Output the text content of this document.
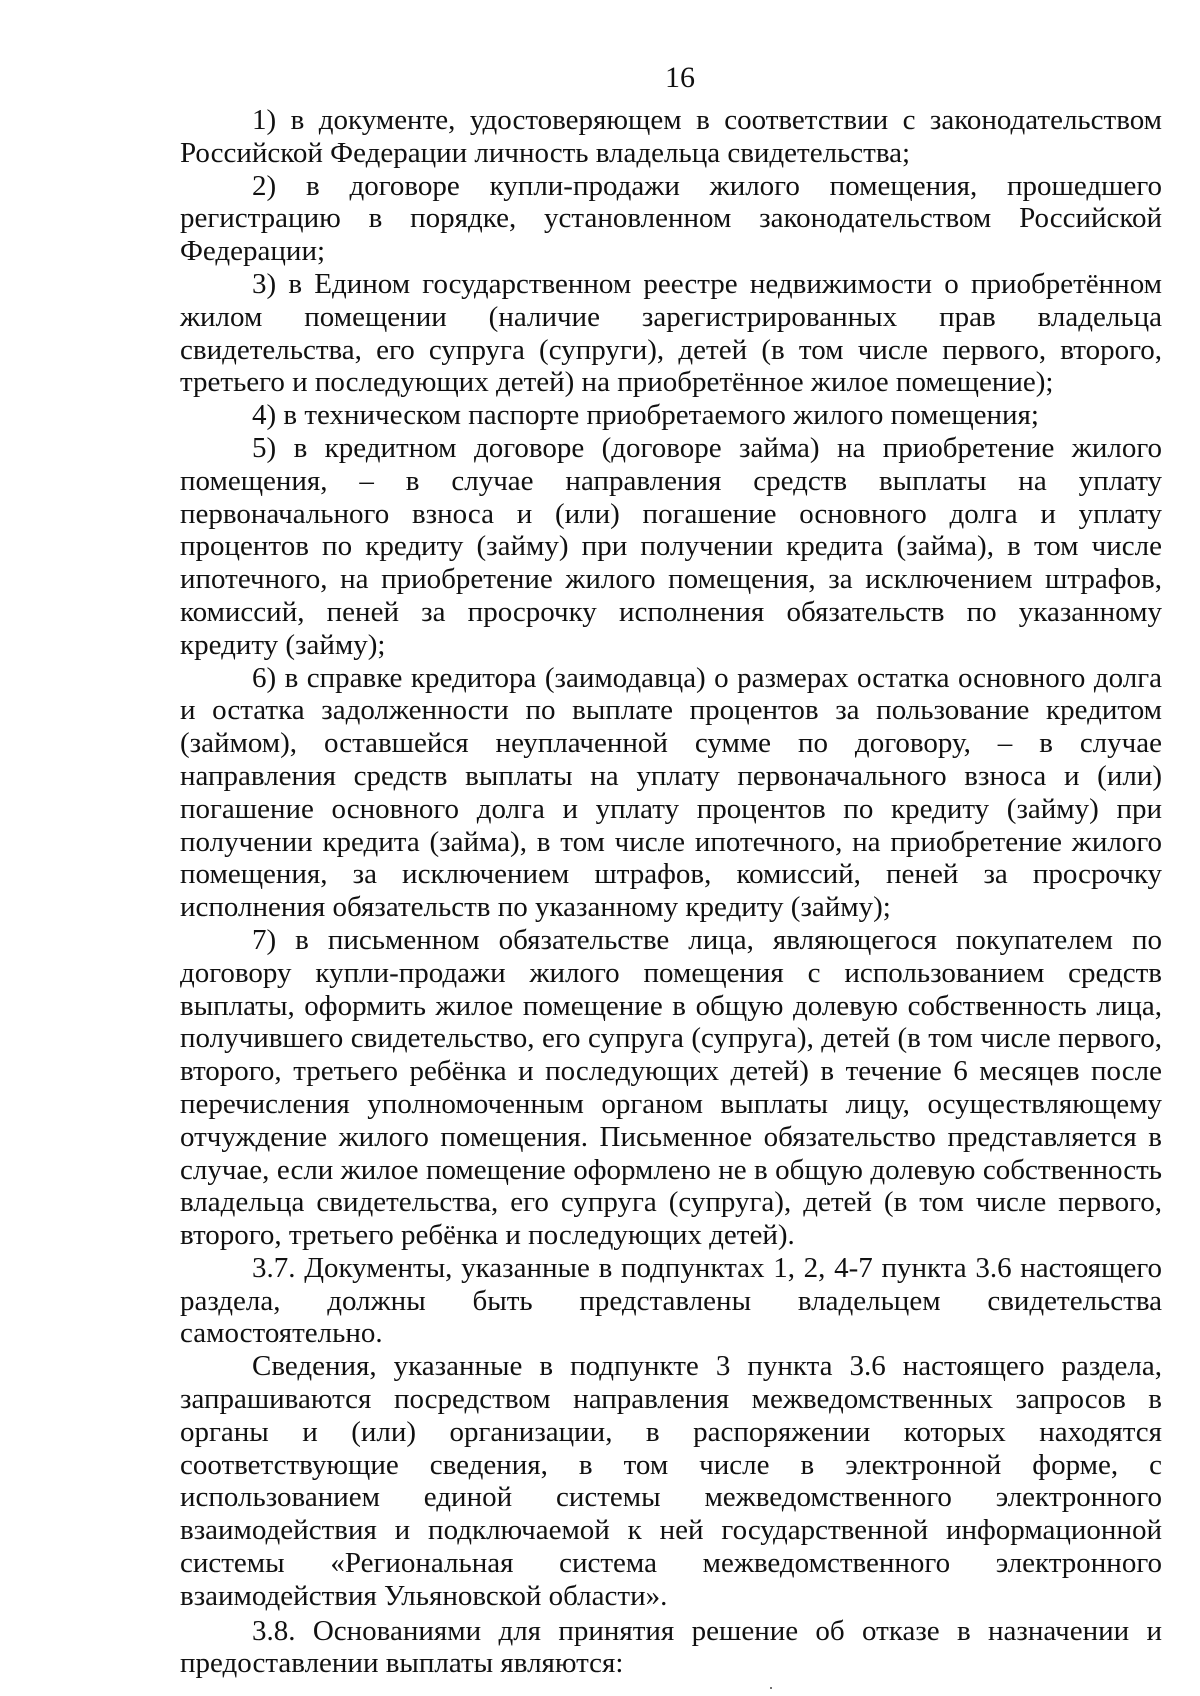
16

1) в документе, удостоверяющем в соответствии с законодательством Российской Федерации личность владельца свидетельства;

2) в договоре купли-продажи жилого помещения, прошедшего регистрацию в порядке, установленном законодательством Российской Федерации;

3) в Едином государственном реестре недвижимости о приобретённом жилом помещении (наличие зарегистрированных прав владельца свидетельства, его супруга (супруги), детей (в том числе первого, второго, третьего и последующих детей) на приобретённое жилое помещение);

4) в техническом паспорте приобретаемого жилого помещения;

5) в кредитном договоре (договоре займа) на приобретение жилого помещения, – в случае направления средств выплаты на уплату первоначального взноса и (или) погашение основного долга и уплату процентов по кредиту (займу) при получении кредита (займа), в том числе ипотечного, на приобретение жилого помещения, за исключением штрафов, комиссий, пеней за просрочку исполнения обязательств по указанному кредиту (займу);

6) в справке кредитора (заимодавца) о размерах остатка основного долга и остатка задолженности по выплате процентов за пользование кредитом (займом), оставшейся неуплаченной сумме по договору, – в случае направления средств выплаты на уплату первоначального взноса и (или) погашение основного долга и уплату процентов по кредиту (займу) при получении кредита (займа), в том числе ипотечного, на приобретение жилого помещения, за исключением штрафов, комиссий, пеней за просрочку исполнения обязательств по указанному кредиту (займу);

7) в письменном обязательстве лица, являющегося покупателем по договору купли-продажи жилого помещения с использованием средств выплаты, оформить жилое помещение в общую долевую собственность лица, получившего свидетельство, его супруга (супруга), детей (в том числе первого, второго, третьего ребёнка и последующих детей) в течение 6 месяцев после перечисления уполномоченным органом выплаты лицу, осуществляющему отчуждение жилого помещения. Письменное обязательство представляется в случае, если жилое помещение оформлено не в общую долевую собственность владельца свидетельства, его супруга (супруга), детей (в том числе первого, второго, третьего ребёнка и последующих детей).

3.7. Документы, указанные в подпунктах 1, 2, 4-7 пункта 3.6 настоящего раздела, должны быть представлены владельцем свидетельства самостоятельно.

Сведения, указанные в подпункте 3 пункта 3.6 настоящего раздела, запрашиваются посредством направления межведомственных запросов в органы и (или) организации, в распоряжении которых находятся соответствующие сведения, в том числе в электронной форме, с использованием единой системы межведомственного электронного взаимодействия и подключаемой к ней государственной информационной системы «Региональная система межведомственного электронного взаимодействия Ульяновской области».

3.8. Основаниями для принятия решение об отказе в назначении и предоставлении выплаты являются:
